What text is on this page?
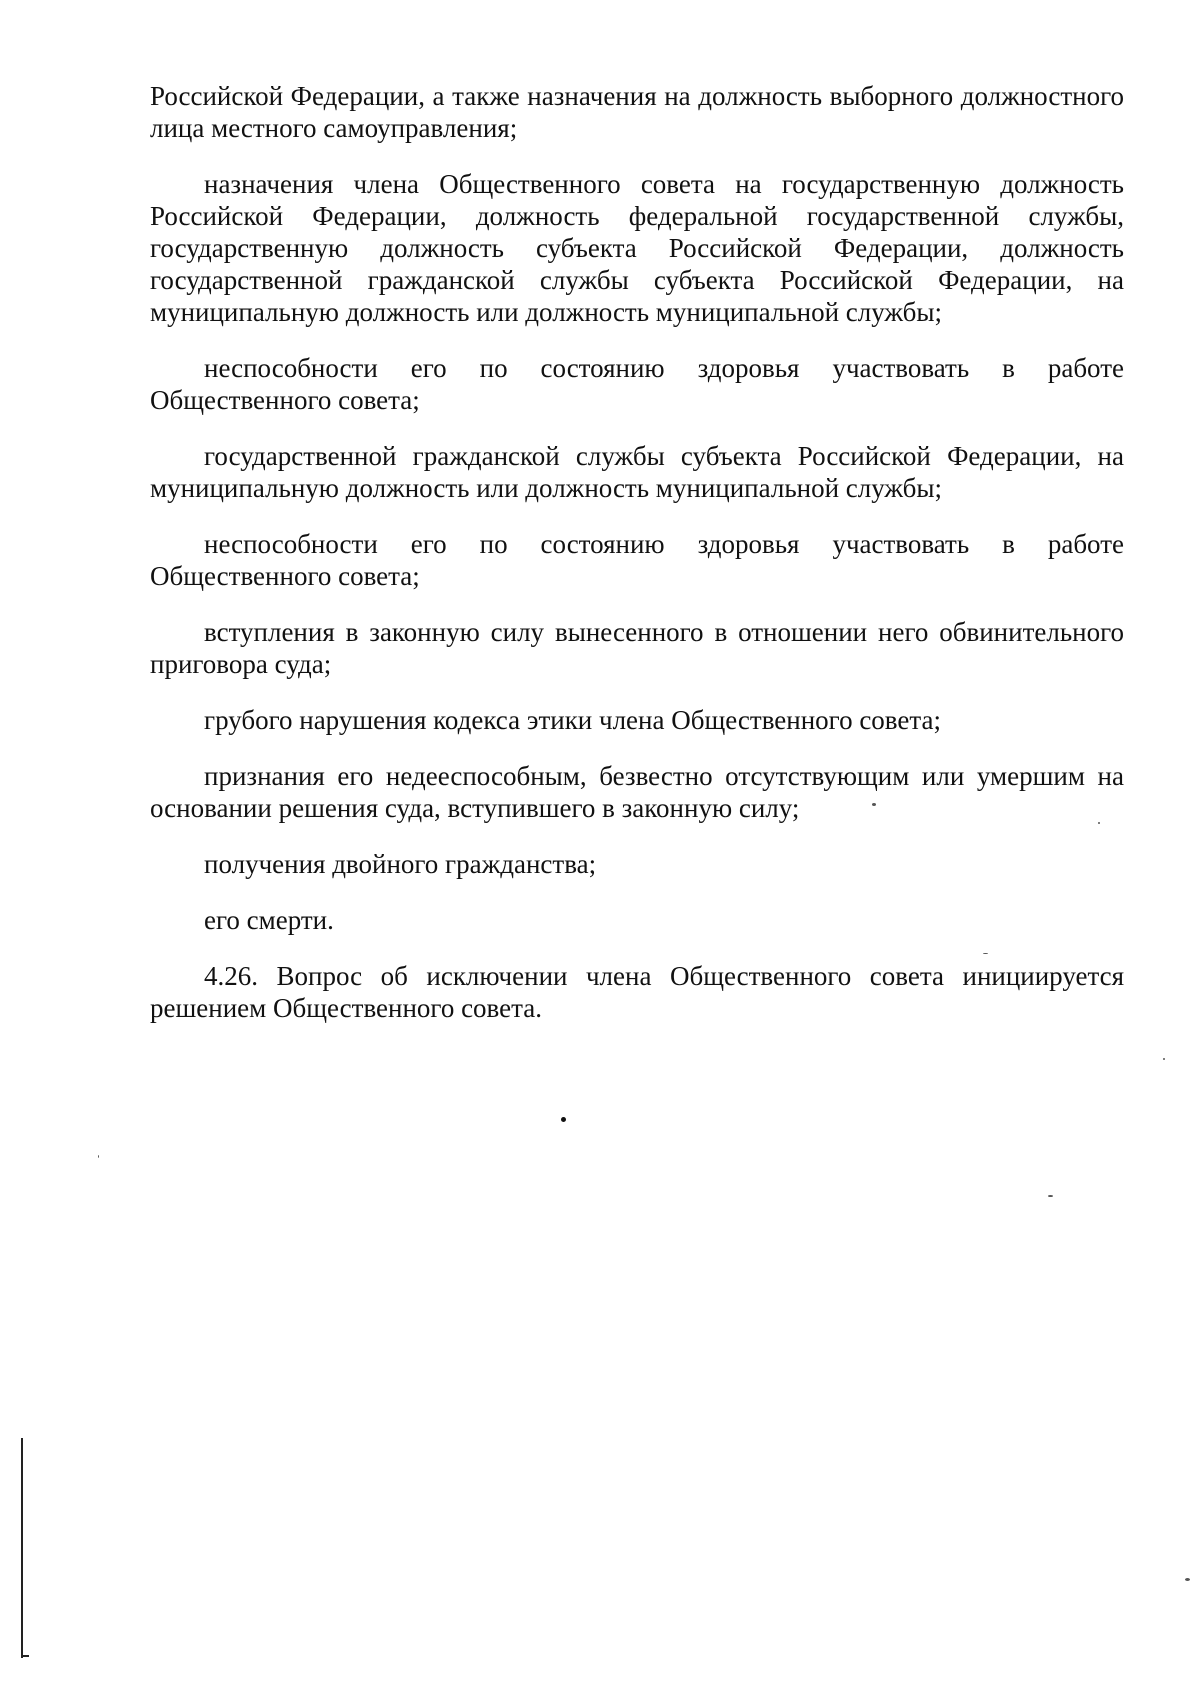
Российской Федерации, а также назначения на должность выборного должностного лица местного самоуправления;

назначения члена Общественного совета на государственную должность Российской Федерации, должность федеральной государственной службы, государственную должность субъекта Российской Федерации, должность государственной гражданской службы субъекта Российской Федерации, на муниципальную должность или должность муниципальной службы;

неспособности его по состоянию здоровья участвовать в работе Общественного совета;

государственной гражданской службы субъекта Российской Федерации, на муниципальную должность или должность муниципальной службы;

неспособности его по состоянию здоровья участвовать в работе Общественного совета;

вступления в законную силу вынесенного в отношении него обвинительного приговора суда;

грубого нарушения кодекса этики члена Общественного совета;

признания его недееспособным, безвестно отсутствующим или умершим на основании решения суда, вступившего в законную силу;

получения двойного гражданства;

его смерти.

4.26. Вопрос об исключении члена Общественного совета инициируется решением Общественного совета.
